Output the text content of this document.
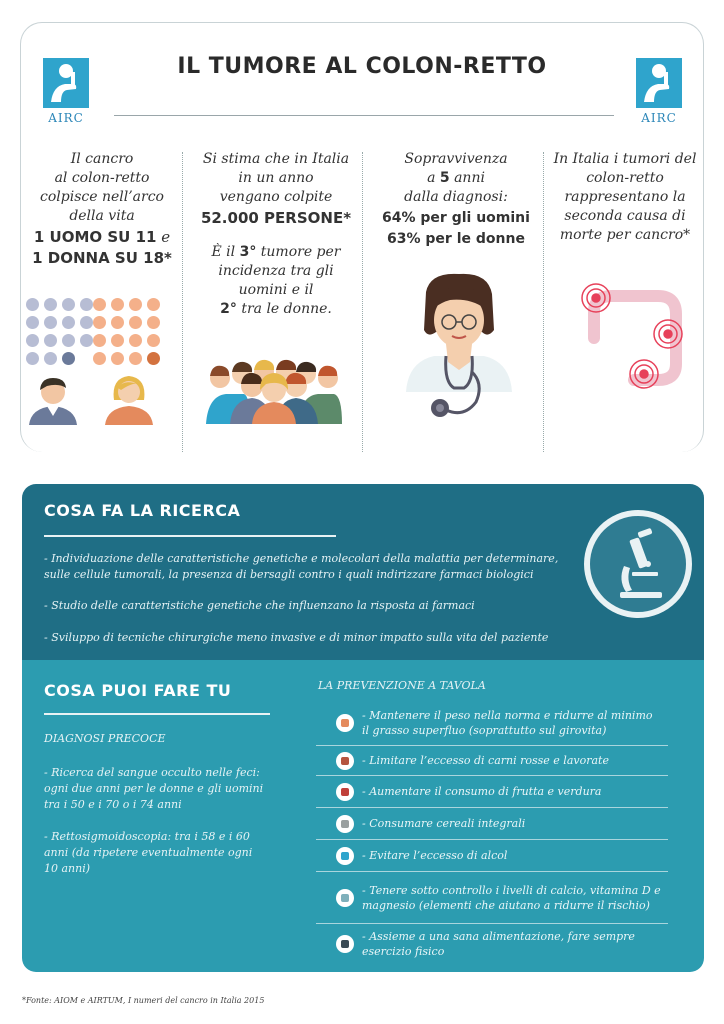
AIRC	AIRC
IL TUMORE AL COLON-RETTO
Il cancro
al colon-retto
colpisce nell’arco
della vita
1 UOMO SU 11 e
1 DONNA SU 18*
Si stima che in Italia
in un anno
vengano colpite
52.000 PERSONE*
È il 3° tumore per
incidenza tra gli
uomini e il
2° tra le donne.
Sopravvivenza
a 5 anni
dalla diagnosi:
64% per gli uomini
63% per le donne
In Italia i tumori del
colon-retto
rappresentano la
seconda causa di
morte per cancro*
COSA FA LA RICERCA
- Individuazione delle caratteristiche genetiche e molecolari della malattia per determinare,
sulle cellule tumorali, la presenza di bersagli contro i quali indirizzare farmaci biologici
- Studio delle caratteristiche genetiche che influenzano la risposta ai farmaci
- Sviluppo di tecniche chirurgiche meno invasive e di minor impatto sulla vita del paziente
COSA PUOI FARE TU
DIAGNOSI PRECOCE
- Ricerca del sangue occulto nelle feci:
ogni due anni per le donne e gli uomini
tra i 50 e i 70 o i 74 anni
- Rettosigmoidoscopia: tra i 58 e i 60
anni (da ripetere eventualmente ogni
10 anni)
LA PREVENZIONE A TAVOLA
- Mantenere il peso nella norma e ridurre al minimo
il grasso superfluo (soprattutto sul girovita)
- Limitare l’eccesso di carni rosse e lavorate
- Aumentare il consumo di frutta e verdura
- Consumare cereali integrali
- Evitare l’eccesso di alcol
- Tenere sotto controllo i livelli di calcio, vitamina D e
magnesio (elementi che aiutano a ridurre il rischio)
- Assieme a una sana alimentazione, fare sempre
esercizio fisico
*Fonte: AIOM e AIRTUM, I numeri del cancro in Italia 2015
